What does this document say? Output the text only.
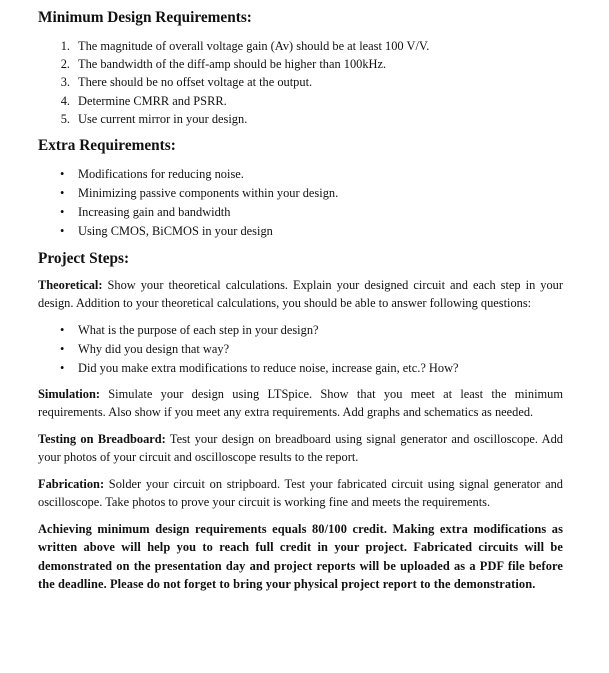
Minimum Design Requirements:
1. The magnitude of overall voltage gain (Av) should be at least 100 V/V.
2. The bandwidth of the diff-amp should be higher than 100kHz.
3. There should be no offset voltage at the output.
4. Determine CMRR and PSRR.
5. Use current mirror in your design.
Extra Requirements:
• Modifications for reducing noise.
• Minimizing passive components within your design.
• Increasing gain and bandwidth
• Using CMOS, BiCMOS in your design
Project Steps:

Theoretical: Show your theoretical calculations. Explain your designed circuit and each step in your design. Addition to your theoretical calculations, you should be able to answer following questions:

• What is the purpose of each step in your design?
• Why did you design that way?
• Did you make extra modifications to reduce noise, increase gain, etc.? How?

Simulation: Simulate your design using LTSpice. Show that you meet at least the minimum requirements. Also show if you meet any extra requirements. Add graphs and schematics as needed.

Testing on Breadboard: Test your design on breadboard using signal generator and oscilloscope. Add your photos of your circuit and oscilloscope results to the report.

Fabrication: Solder your circuit on stripboard. Test your fabricated circuit using signal generator and oscilloscope. Take photos to prove your circuit is working fine and meets the requirements.

Achieving minimum design requirements equals 80/100 credit. Making extra modifications as written above will help you to reach full credit in your project. Fabricated circuits will be demonstrated on the presentation day and project reports will be uploaded as a PDF file before the deadline. Please do not forget to bring your physical project report to the demonstration.
